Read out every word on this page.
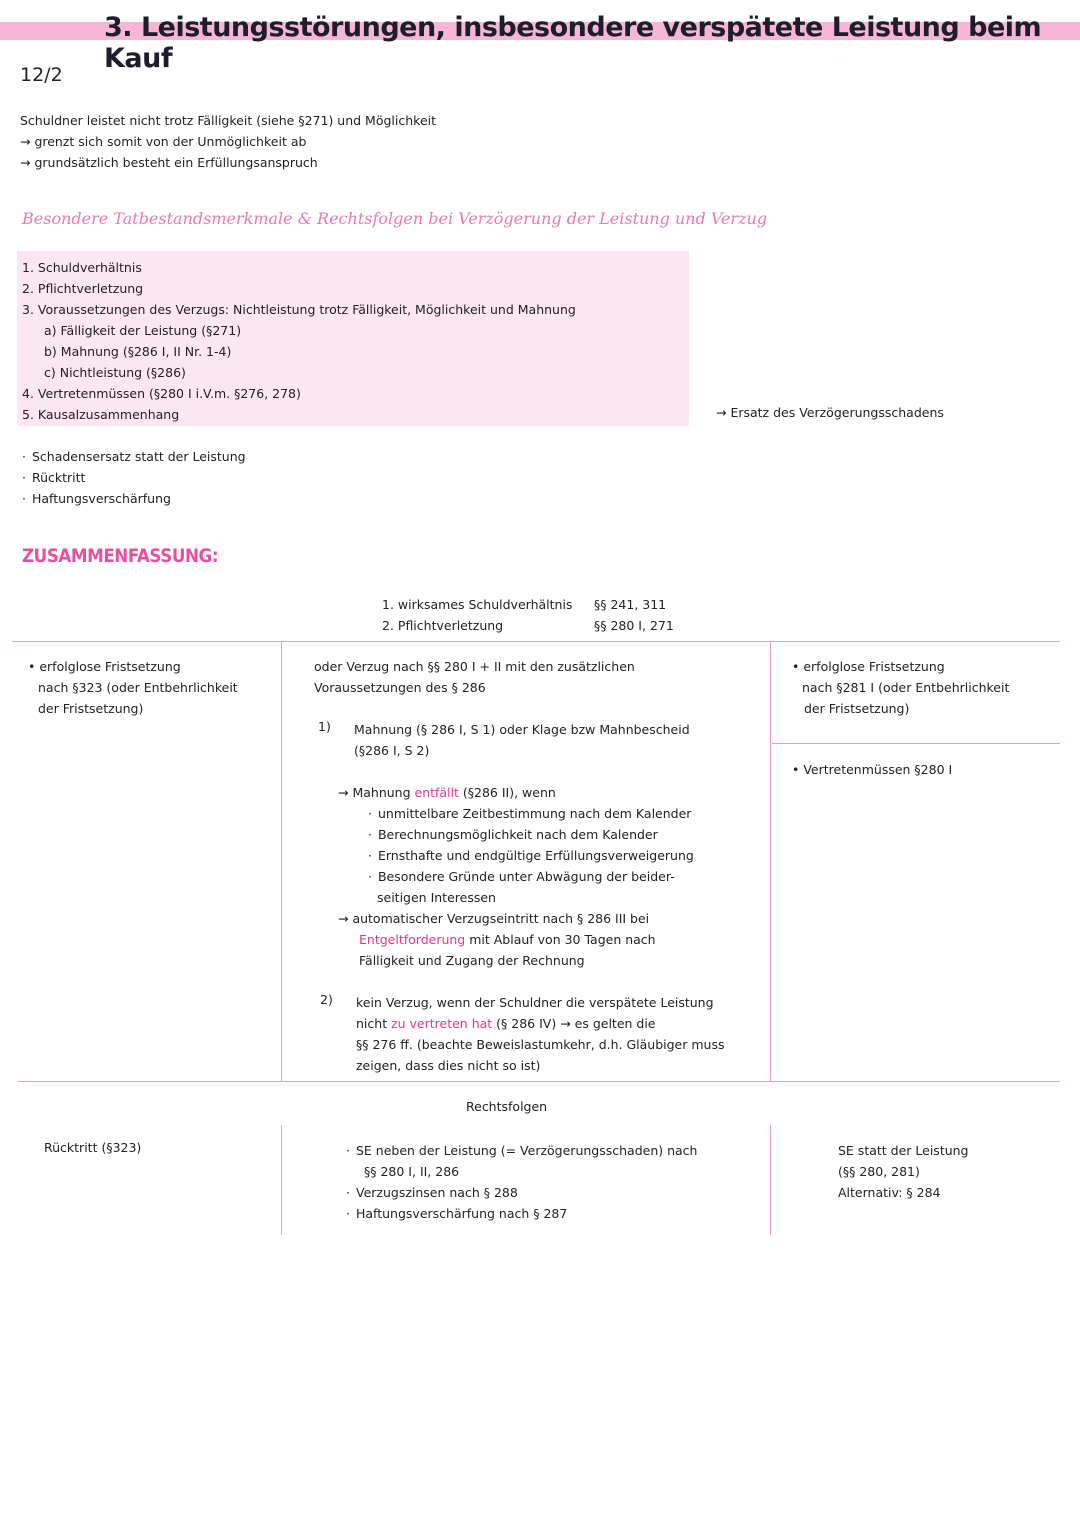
3. Leistungsstörungen, insbesondere verspätete Leistung beim Kauf
12/2
Schuldner leistet nicht trotz Fälligkeit (siehe §271) und Möglichkeit
→ grenzt sich somit von der Unmöglichkeit ab
→ grundsätzlich besteht ein Erfüllungsanspruch
Besondere Tatbestandsmerkmale & Rechtsfolgen bei Verzögerung der Leistung und Verzug
1. Schuldverhältnis
2. Pflichtverletzung
3. Voraussetzungen des Verzugs: Nichtleistung trotz Fälligkeit, Möglichkeit und Mahnung
a) Fälligkeit der Leistung (§271)
b) Mahnung (§286 I, II Nr. 1-4)
c) Nichtleistung (§286)
4. Vertretenmüssen (§280 I i.V.m. §276, 278)
5. Kausalzusammenhang	→ Ersatz des Verzögerungsschadens
· Schadensersatz statt der Leistung
· Rücktritt
· Haftungsverschärfung
ZUSAMMENFASSUNG:
1. wirksames Schuldverhältnis
2. Pflichtverletzung
§§ 241, 311
§§ 280 I, 271
• erfolglose Fristsetzung
nach §323 (oder Entbehrlichkeit
der Fristsetzung)
oder Verzug nach §§ 280 I + II mit den zusätzlichen
Voraussetzungen des § 286
1) Mahnung (§ 286 I, S 1) oder Klage bzw Mahnbescheid
(§286 I, S 2)
→ Mahnung entfällt (§286 II), wenn
· unmittelbare Zeitbestimmung nach dem Kalender
· Berechnungsmöglichkeit nach dem Kalender
· Ernsthafte und endgültige Erfüllungsverweigerung
· Besondere Gründe unter Abwägung der beider-
seitigen Interessen
→ automatischer Verzugseintritt nach § 286 III bei
Entgeltforderung mit Ablauf von 30 Tagen nach
Fälligkeit und Zugang der Rechnung
2) kein Verzug, wenn der Schuldner die verspätete Leistung
nicht zu vertreten hat (§ 286 IV) → es gelten die
§§ 276 ff. (beachte Beweislastumkehr, d.h. Gläubiger muss
zeigen, dass dies nicht so ist)
• erfolglose Fristsetzung
nach §281 I (oder Entbehrlichkeit
der Fristsetzung)
• Vertretenmüssen §280 I
Rechtsfolgen
Rücktritt (§323)
·	SE neben der Leistung (= Verzögerungsschaden) nach
§§ 280 I, II, 286
· Verzugszinsen nach § 288
· Haftungsverschärfung nach § 287
SE statt der Leistung
(§§ 280, 281)
Alternativ: § 284
